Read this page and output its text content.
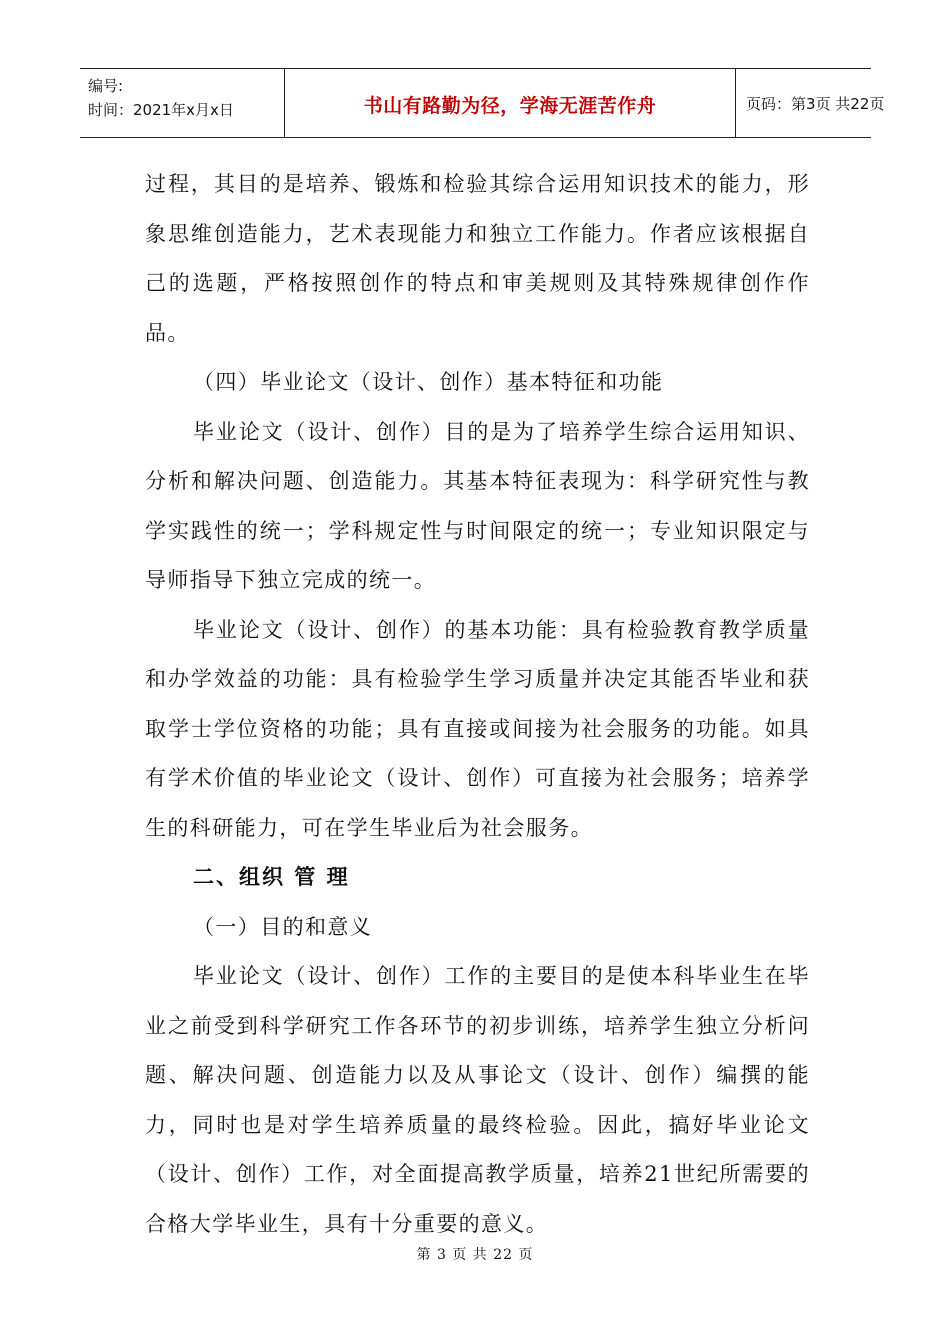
编号:
时间：2021年x月x日	书山有路勤为径，学海无涯苦作舟	页码：第3页 共22页

过程，其目的是培养、锻炼和检验其综合运用知识技术的能力，形象思维创造能力，艺术表现能力和独立工作能力。作者应该根据自己的选题，严格按照创作的特点和审美规则及其特殊规律创作作品。

（四）毕业论文（设计、创作）基本特征和功能

毕业论文（设计、创作）目的是为了培养学生综合运用知识、分析和解决问题、创造能力。其基本特征表现为：科学研究性与教学实践性的统一；学科规定性与时间限定的统一；专业知识限定与导师指导下独立完成的统一。

毕业论文（设计、创作）的基本功能：具有检验教育教学质量和办学效益的功能：具有检验学生学习质量并决定其能否毕业和获取学士学位资格的功能；具有直接或间接为社会服务的功能。如具有学术价值的毕业论文（设计、创作）可直接为社会服务；培养学生的科研能力，可在学生毕业后为社会服务。

二、组织 管 理

（一）目的和意义

毕业论文（设计、创作）工作的主要目的是使本科毕业生在毕业之前受到科学研究工作各环节的初步训练，培养学生独立分析问题、解决问题、创造能力以及从事论文（设计、创作）编撰的能力，同时也是对学生培养质量的最终检验。因此，搞好毕业论文（设计、创作）工作，对全面提高教学质量，培养21世纪所需要的合格大学毕业生，具有十分重要的意义。

第 3 页 共 22 页
